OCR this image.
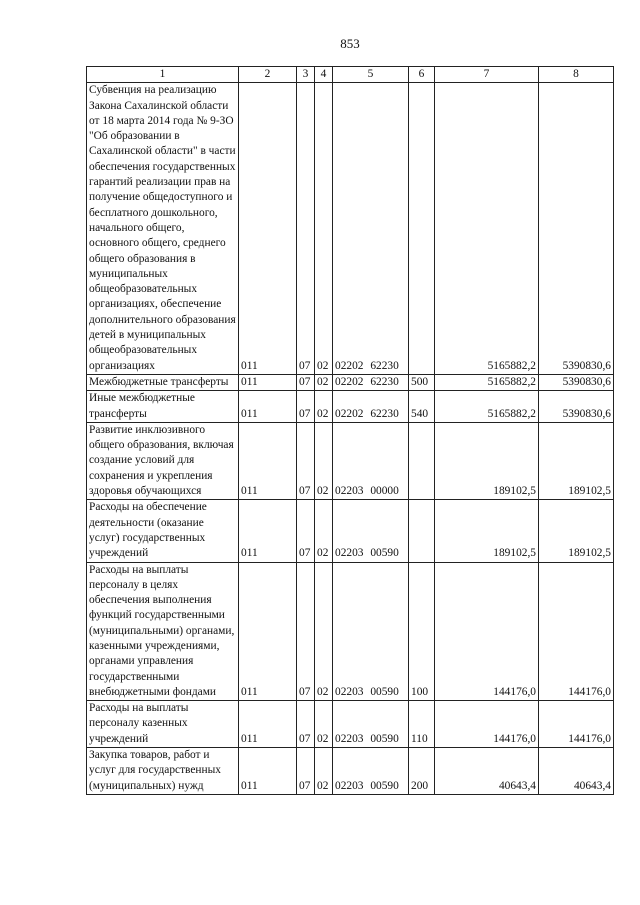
853
1	2	3	4	5	6	7	8
Субвенция на реализацию Закона Сахалинской области от 18 марта 2014 года № 9-ЗО "Об образовании в Сахалинской области" в части обеспечения государственных гарантий реализации прав на получение общедоступного и бесплатного дошкольного, начального общего, основного общего, среднего общего образования в муниципальных общеобразовательных организациях, обеспечение дополнительного образования детей в муниципальных общеобразовательных организациях	011	07	02	02202 62230		5165882,2	5390830,6
Межбюджетные трансферты	011	07	02	02202 62230	500	5165882,2	5390830,6
Иные межбюджетные трансферты	011	07	02	02202 62230	540	5165882,2	5390830,6
Развитие инклюзивного общего образования, включая создание условий для сохранения и укрепления здоровья обучающихся	011	07	02	02203 00000		189102,5	189102,5
Расходы на обеспечение деятельности (оказание услуг) государственных учреждений	011	07	02	02203 00590		189102,5	189102,5
Расходы на выплаты персоналу в целях обеспечения выполнения функций государственными (муниципальными) органами, казенными учреждениями, органами управления государственными внебюджетными фондами	011	07	02	02203 00590	100	144176,0	144176,0
Расходы на выплаты персоналу казенных учреждений	011	07	02	02203 00590	110	144176,0	144176,0
Закупка товаров, работ и услуг для государственных (муниципальных) нужд	011	07	02	02203 00590	200	40643,4	40643,4
